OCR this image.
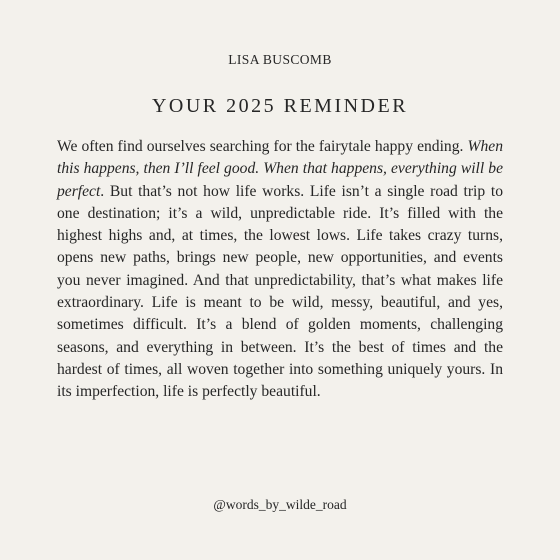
LISA BUSCOMB
YOUR 2025 REMINDER
We often find ourselves searching for the fairytale happy ending. When this happens, then I’ll feel good. When that happens, everything will be perfect. But that’s not how life works. Life isn’t a single road trip to one destination; it’s a wild, unpredictable ride. It’s filled with the highest highs and, at times, the lowest lows. Life takes crazy turns, opens new paths, brings new people, new opportunities, and events you never imagined. And that unpredictability, that’s what makes life extraordinary. Life is meant to be wild, messy, beautiful, and yes, sometimes difficult. It’s a blend of golden moments, challenging seasons, and everything in between. It’s the best of times and the hardest of times, all woven together into something uniquely yours. In its imperfection, life is perfectly beautiful.
@words_by_wilde_road
